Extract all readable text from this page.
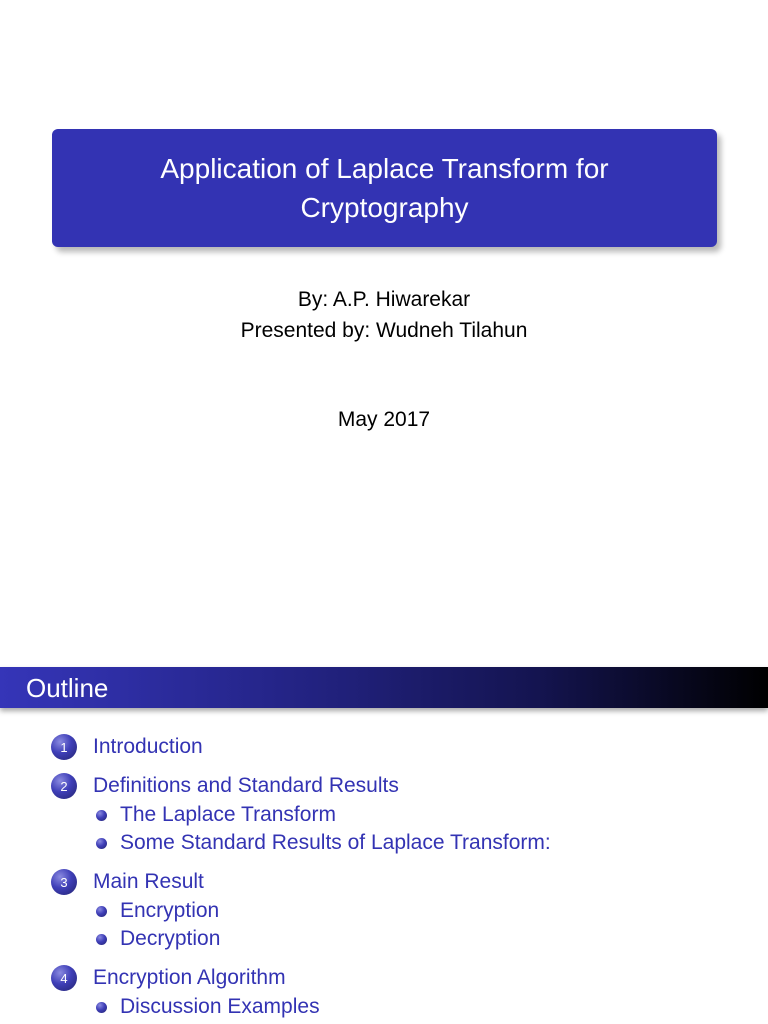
Application of Laplace Transform for
Cryptography
By: A.P. Hiwarekar
Presented by: Wudneh Tilahun
May 2017
Outline
1	Introduction
2	Definitions and Standard Results
The Laplace Transform
Some Standard Results of Laplace Transform:
3	Main Result
Encryption
Decryption
4	Encryption Algorithm
Discussion Examples
